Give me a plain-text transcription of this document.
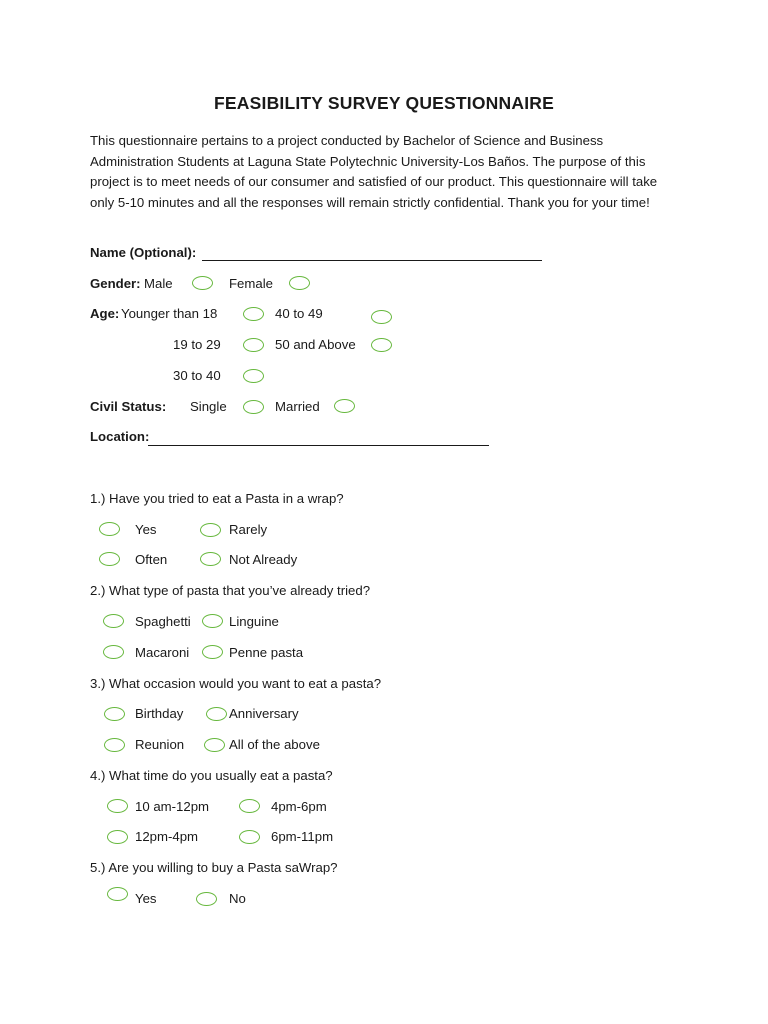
FEASIBILITY SURVEY QUESTIONNAIRE
This questionnaire pertains to a project conducted by Bachelor of Science and Business Administration Students at Laguna State Polytechnic University-Los Baños. The purpose of this project is to meet needs of our consumer and satisfied of our product. This questionnaire will take only 5-10 minutes and all the responses will remain strictly confidential. Thank you for your time!
Name (Optional):
Gender: Male	Female
Age: Younger than 18	40 to 49
19 to 29	50 and Above
30 to 40
Civil Status: Single	Married
Location:
1.) Have you tried to eat a Pasta in a wrap?
Yes	Rarely
Often	Not Already
2.) What type of pasta that you’ve already tried?
Spaghetti	Linguine
Macaroni	Penne pasta
3.) What occasion would you want to eat a pasta?
Birthday	Anniversary
Reunion	All of the above
4.) What time do you usually eat a pasta?
10 am-12pm	4pm-6pm
12pm-4pm	6pm-11pm
5.) Are you willing to buy a Pasta saWrap?
Yes	No
